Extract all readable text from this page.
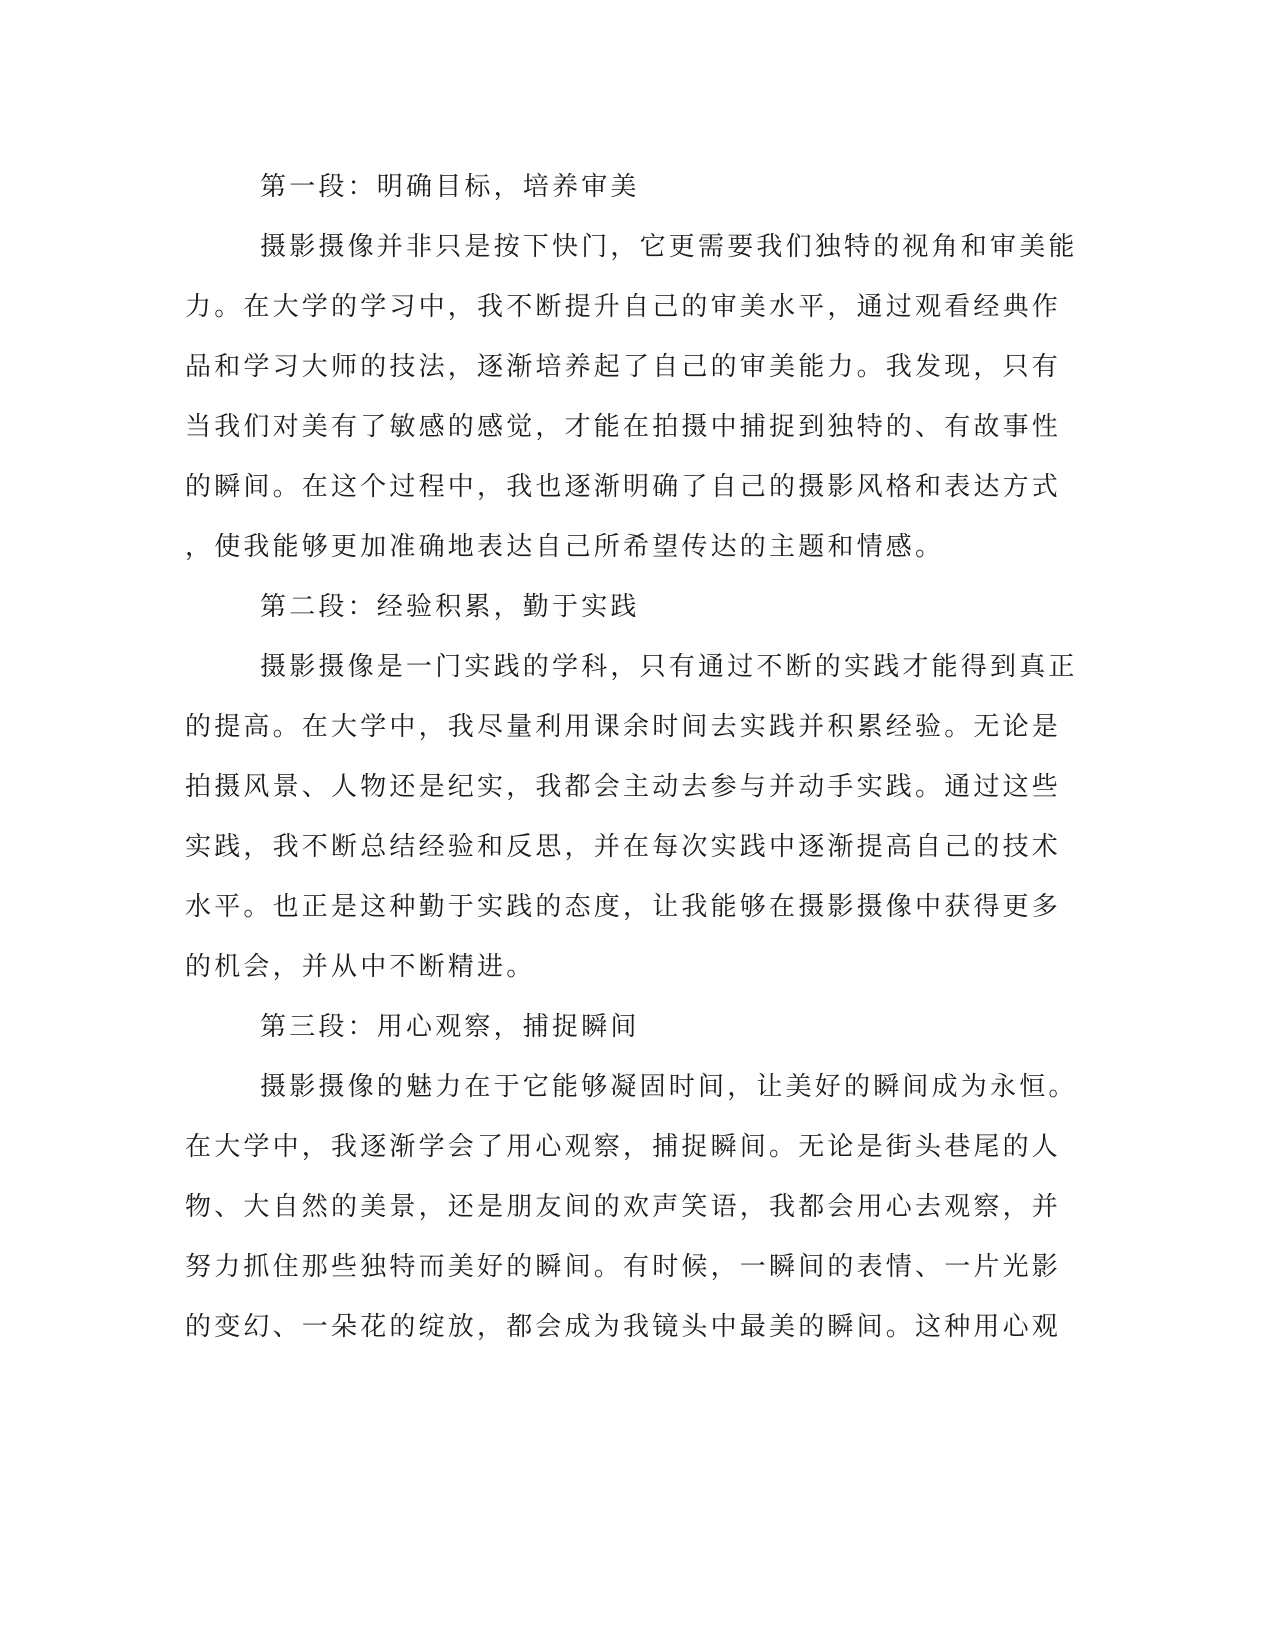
第一段：明确目标，培养审美
摄影摄像并非只是按下快门，它更需要我们独特的视角和审美能
力。在大学的学习中，我不断提升自己的审美水平，通过观看经典作
品和学习大师的技法，逐渐培养起了自己的审美能力。我发现，只有
当我们对美有了敏感的感觉，才能在拍摄中捕捉到独特的、有故事性
的瞬间。在这个过程中，我也逐渐明确了自己的摄影风格和表达方式
，使我能够更加准确地表达自己所希望传达的主题和情感。
第二段：经验积累，勤于实践
摄影摄像是一门实践的学科，只有通过不断的实践才能得到真正
的提高。在大学中，我尽量利用课余时间去实践并积累经验。无论是
拍摄风景、人物还是纪实，我都会主动去参与并动手实践。通过这些
实践，我不断总结经验和反思，并在每次实践中逐渐提高自己的技术
水平。也正是这种勤于实践的态度，让我能够在摄影摄像中获得更多
的机会，并从中不断精进。
第三段：用心观察，捕捉瞬间
摄影摄像的魅力在于它能够凝固时间，让美好的瞬间成为永恒。
在大学中，我逐渐学会了用心观察，捕捉瞬间。无论是街头巷尾的人
物、大自然的美景，还是朋友间的欢声笑语，我都会用心去观察，并
努力抓住那些独特而美好的瞬间。有时候，一瞬间的表情、一片光影
的变幻、一朵花的绽放，都会成为我镜头中最美的瞬间。这种用心观
